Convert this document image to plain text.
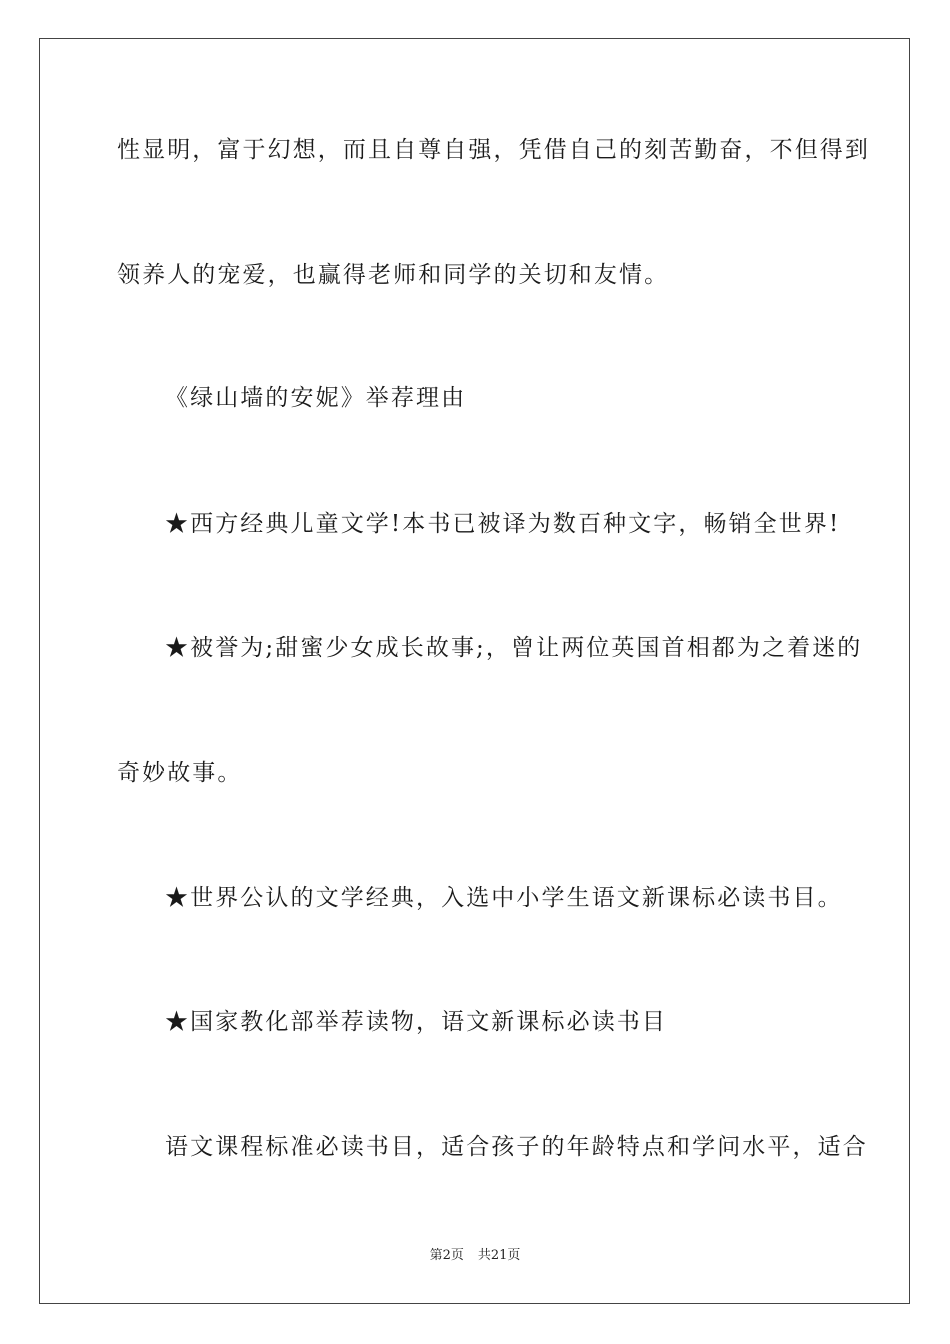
性显明，富于幻想，而且自尊自强，凭借自己的刻苦勤奋，不但得到
领养人的宠爱，也赢得老师和同学的关切和友情。
《绿山墙的安妮》举荐理由
★西方经典儿童文学!本书已被译为数百种文字，畅销全世界!
★被誉为;甜蜜少女成长故事;，曾让两位英国首相都为之着迷的
奇妙故事。
★世界公认的文学经典，入选中小学生语文新课标必读书目。
★国家教化部举荐读物，语文新课标必读书目
语文课程标准必读书目，适合孩子的年龄特点和学问水平，适合
第2页 共21页
